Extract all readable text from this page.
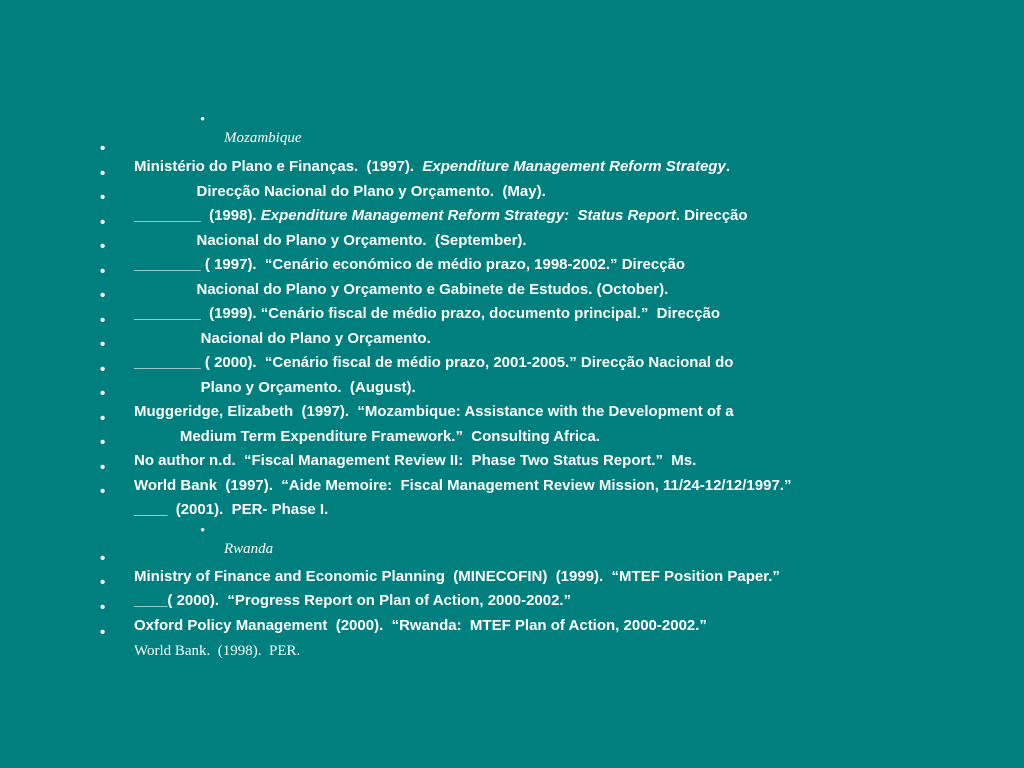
•

Mozambique

•

Ministério do Plano e Finanças.  (1997).  Expenditure Management Reform Strategy.

•

Direcção Nacional do Plano y Orçamento.  (May).

•

________  (1998). Expenditure Management Reform Strategy:  Status Report. Direcção

•

Nacional do Plano y Orçamento.  (September).

•

________ ( 1997).  “Cenário económico de médio prazo, 1998-2002.” Direcção

•

Nacional do Plano y Orçamento e Gabinete de Estudos. (October).

•

________  (1999). “Cenário fiscal de médio prazo, documento principal.”  Direcção

•

Nacional do Plano y Orçamento.

•

________ ( 2000).  “Cenário fiscal de médio prazo, 2001-2005.” Direcção Nacional do

•

Plano y Orçamento.  (August).

•

Muggeridge, Elizabeth  (1997).  “Mozambique: Assistance with the Development of a

•

Medium Term Expenditure Framework.”  Consulting Africa.

•

No author n.d.  “Fiscal Management Review II:  Phase Two Status Report.”  Ms.

•

World Bank  (1997).  “Aide Memoire:  Fiscal Management Review Mission, 11/24-12/12/1997.”

•

____  (2001).  PER- Phase I.

•

Rwanda

•

Ministry of Finance and Economic Planning  (MINECOFIN)  (1999).  “MTEF Position Paper.”

•

____( 2000).  “Progress Report on Plan of Action, 2000-2002.”

•

Oxford Policy Management  (2000).  “Rwanda:  MTEF Plan of Action, 2000-2002.”

•

World Bank.  (1998).  PER.
